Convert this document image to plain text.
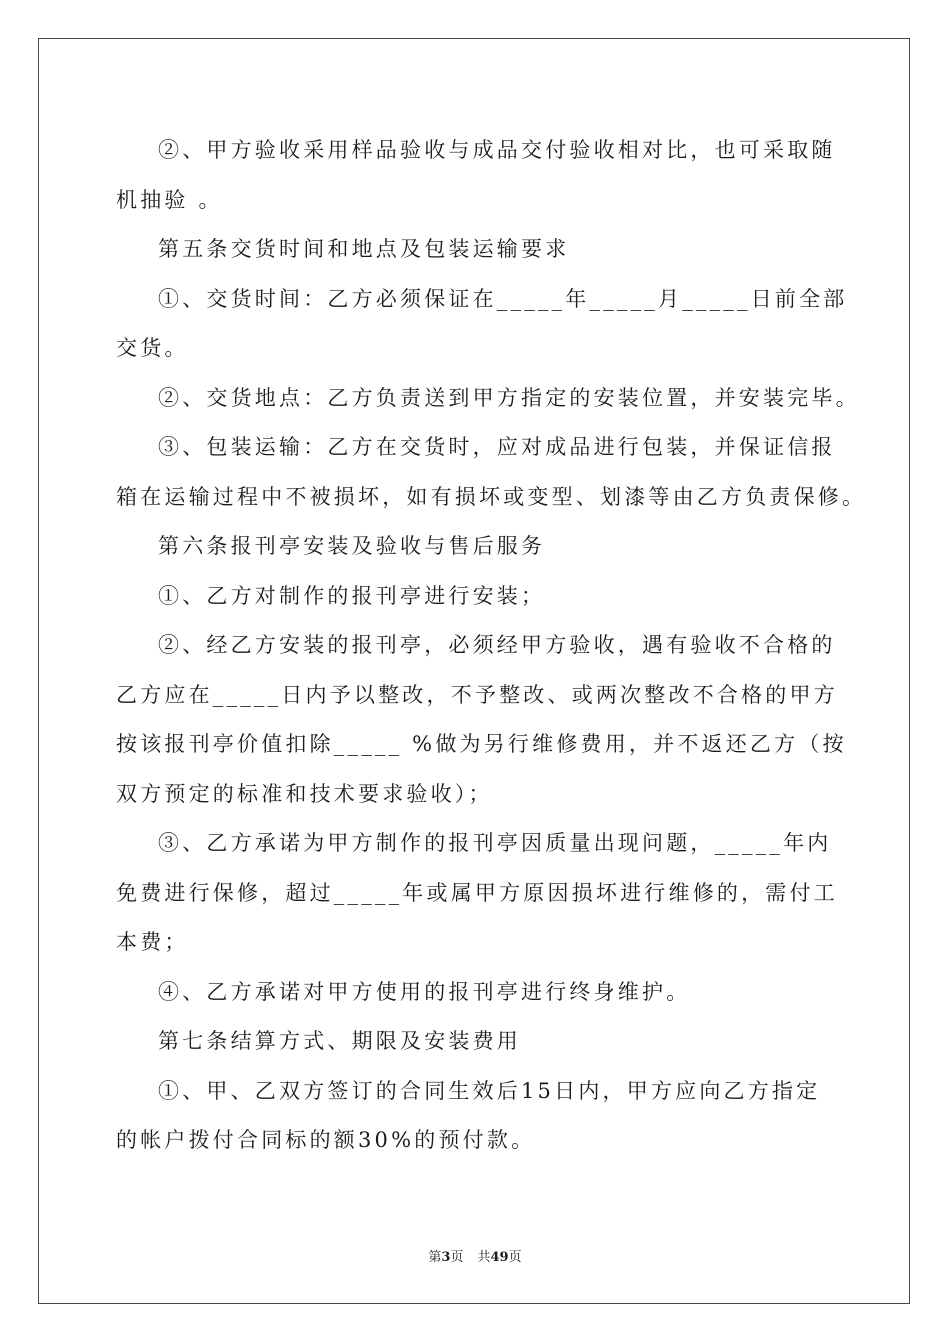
②、甲方验收采用样品验收与成品交付验收相对比，也可采取随
机抽验 。

第五条交货时间和地点及包装运输要求

①、交货时间：乙方必须保证在_____年_____月_____日前全部
交货。

②、交货地点：乙方负责送到甲方指定的安装位置，并安装完毕。

③、包装运输：乙方在交货时，应对成品进行包装，并保证信报
箱在运输过程中不被损坏，如有损坏或变型、划漆等由乙方负责保修。

第六条报刊亭安装及验收与售后服务

①、乙方对制作的报刊亭进行安装；

②、经乙方安装的报刊亭，必须经甲方验收，遇有验收不合格的
乙方应在_____日内予以整改，不予整改、或两次整改不合格的甲方
按该报刊亭价值扣除_____ %做为另行维修费用，并不返还乙方（按
双方预定的标准和技术要求验收）；

③、乙方承诺为甲方制作的报刊亭因质量出现问题，_____年内
免费进行保修，超过_____年或属甲方原因损坏进行维修的，需付工
本费；

④、乙方承诺对甲方使用的报刊亭进行终身维护。

第七条结算方式、期限及安装费用

①、甲、乙双方签订的合同生效后15日内，甲方应向乙方指定
的帐户拨付合同标的额30%的预付款。

第3页 共49页
